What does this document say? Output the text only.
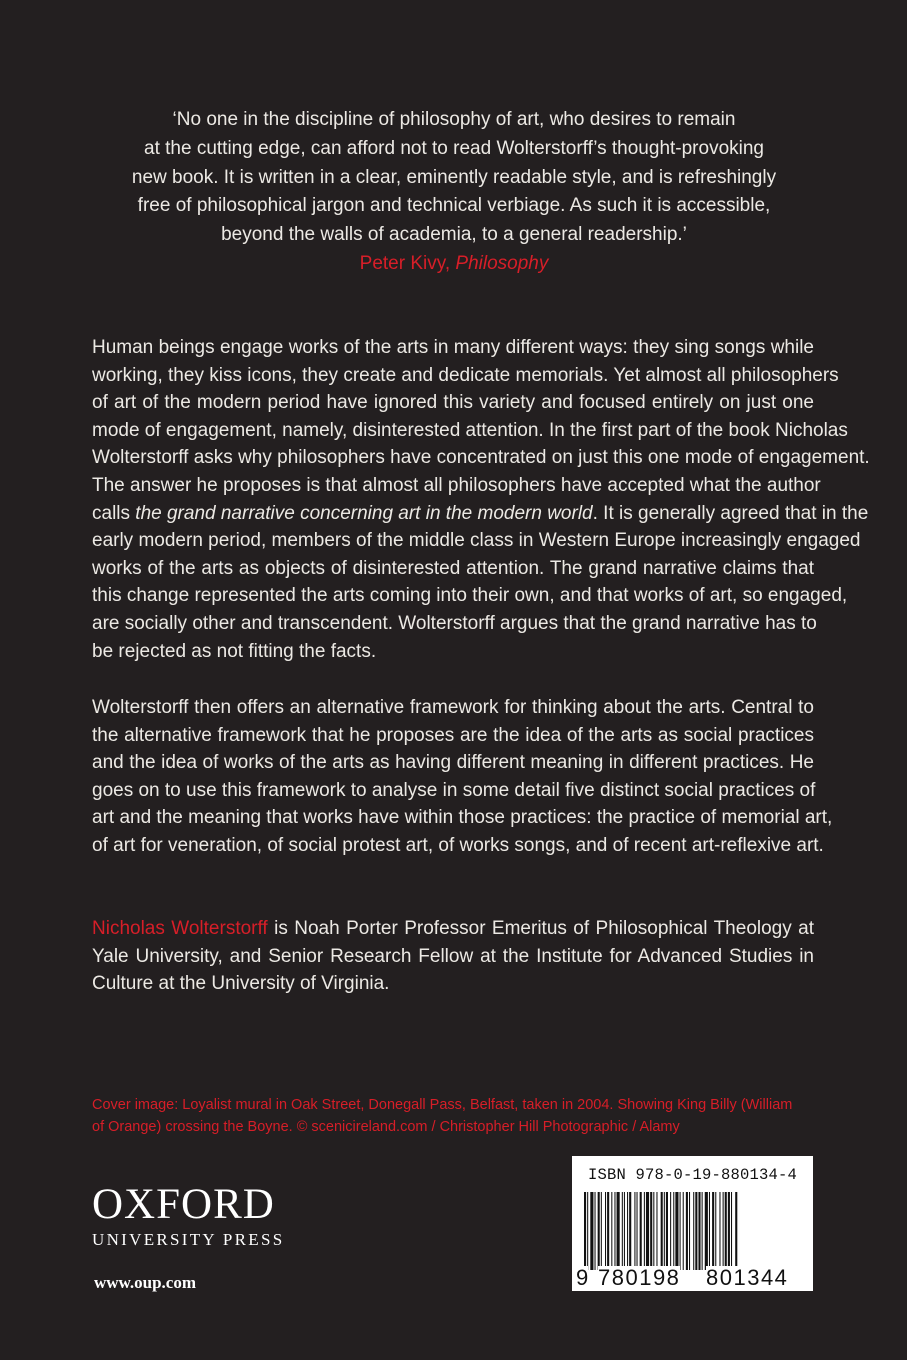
‘No one in the discipline of philosophy of art, who desires to remain
at the cutting edge, can afford not to read Wolterstorff’s thought-provoking
new book. It is written in a clear, eminently readable style, and is refreshingly
free of philosophical jargon and technical verbiage. As such it is accessible,
beyond the walls of academia, to a general readership.’
Peter Kivy, Philosophy
Human beings engage works of the arts in many different ways: they sing songs while
working, they kiss icons, they create and dedicate memorials. Yet almost all philosophers
of art of the modern period have ignored this variety and focused entirely on just one
mode of engagement, namely, disinterested attention. In the first part of the book Nicholas
Wolterstorff asks why philosophers have concentrated on just this one mode of engagement.
The answer he proposes is that almost all philosophers have accepted what the author
calls the grand narrative concerning art in the modern world. It is generally agreed that in the
early modern period, members of the middle class in Western Europe increasingly engaged
works of the arts as objects of disinterested attention. The grand narrative claims that
this change represented the arts coming into their own, and that works of art, so engaged,
are socially other and transcendent. Wolterstorff argues that the grand narrative has to
be rejected as not fitting the facts.
Wolterstorff then offers an alternative framework for thinking about the arts. Central to
the alternative framework that he proposes are the idea of the arts as social practices
and the idea of works of the arts as having different meaning in different practices. He
goes on to use this framework to analyse in some detail five distinct social practices of
art and the meaning that works have within those practices: the practice of memorial art,
of art for veneration, of social protest art, of works songs, and of recent art-reflexive art.
Nicholas Wolterstorff is Noah Porter Professor Emeritus of Philosophical Theology at
Yale University, and Senior Research Fellow at the Institute for Advanced Studies in
Culture at the University of Virginia.
Cover image: Loyalist mural in Oak Street, Donegall Pass, Belfast, taken in 2004. Showing King Billy (William
of Orange) crossing the Boyne. © scenicireland.com / Christopher Hill Photographic / Alamy
OXFORD
UNIVERSITY PRESS
www.oup.com
ISBN 978-0-19-880134-4
9 780198 801344
